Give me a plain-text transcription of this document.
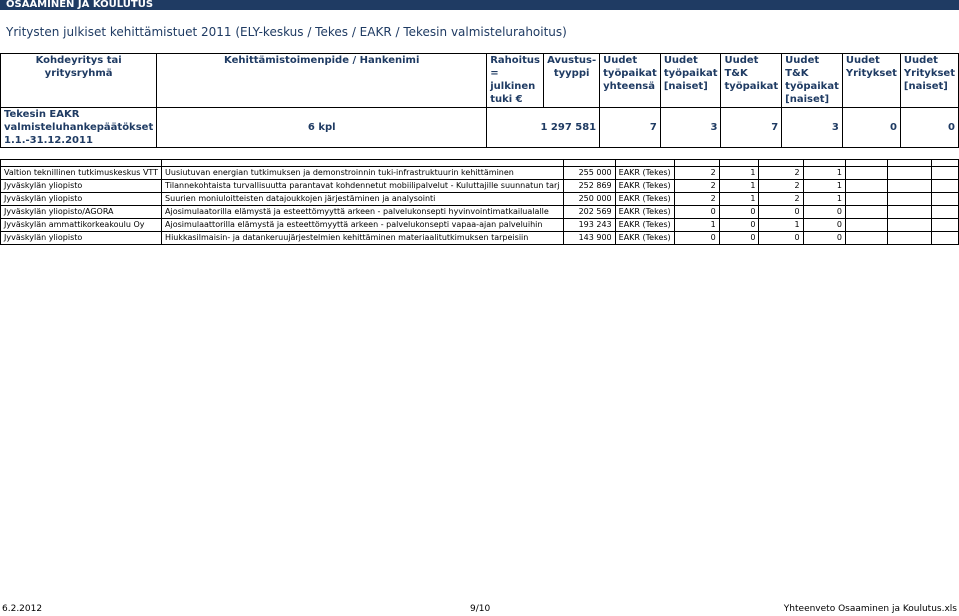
OSAAMINEN JA KOULUTUS
Yritysten julkiset kehittämistuet 2011 (ELY-keskus / Tekes / EAKR / Tekesin valmistelurahoitus)
Kohdeyritys tai yritysryhmä	Kehittämistoimenpide / Hankenimi	Rahoitus = julkinen tuki €	Avustus-tyyppi	Uudet työpaikat yhteensä	Uudet työpaikat [naiset]	Uudet T&K työpaikat	Uudet T&K työpaikat [naiset]	Uudet Yritykset	Uudet Yritykset [naiset]
Tekesin EAKR valmisteluhankepäätökset 1.1.-31.12.2011	6 kpl	1 297 581		7	3	7	3	0	0

Valtion teknillinen tutkimuskeskus VTT	Uusiutuvan energian tutkimuksen ja demonstroinnin tuki-infrastruktuurin kehittäminen	255 000	EAKR (Tekes)	2	1	2	1			
Jyväskylän yliopisto	Tilannekohtaista turvallisuutta parantavat kohdennetut mobiilipalvelut - Kuluttajille suunnatun tarj	252 869	EAKR (Tekes)	2	1	2	1			
Jyväskylän yliopisto	Suurien moniuloitteisten datajoukkojen järjestäminen ja analysointi	250 000	EAKR (Tekes)	2	1	2	1			
Jyväskylän yliopisto/AGORA	Ajosimulaatorilla elämystä ja esteettömyyttä arkeen - palvelukonsepti hyvinvointimatkailualalle	202 569	EAKR (Tekes)	0	0	0	0			
Jyväskylän ammattikorkeakoulu Oy	Ajosimulaattorilla elämystä ja esteettömyyttä arkeen - palvelukonsepti vapaa-ajan palveluihin	193 243	EAKR (Tekes)	1	0	1	0			
Jyväskylän yliopisto	Hiukkasilmaisin- ja datankeruujärjestelmien kehittäminen materiaalitutkimuksen tarpeisiin	143 900	EAKR (Tekes)	0	0	0	0			
6.2.2012	9/10	Yhteenveto Osaaminen ja Koulutus.xls
